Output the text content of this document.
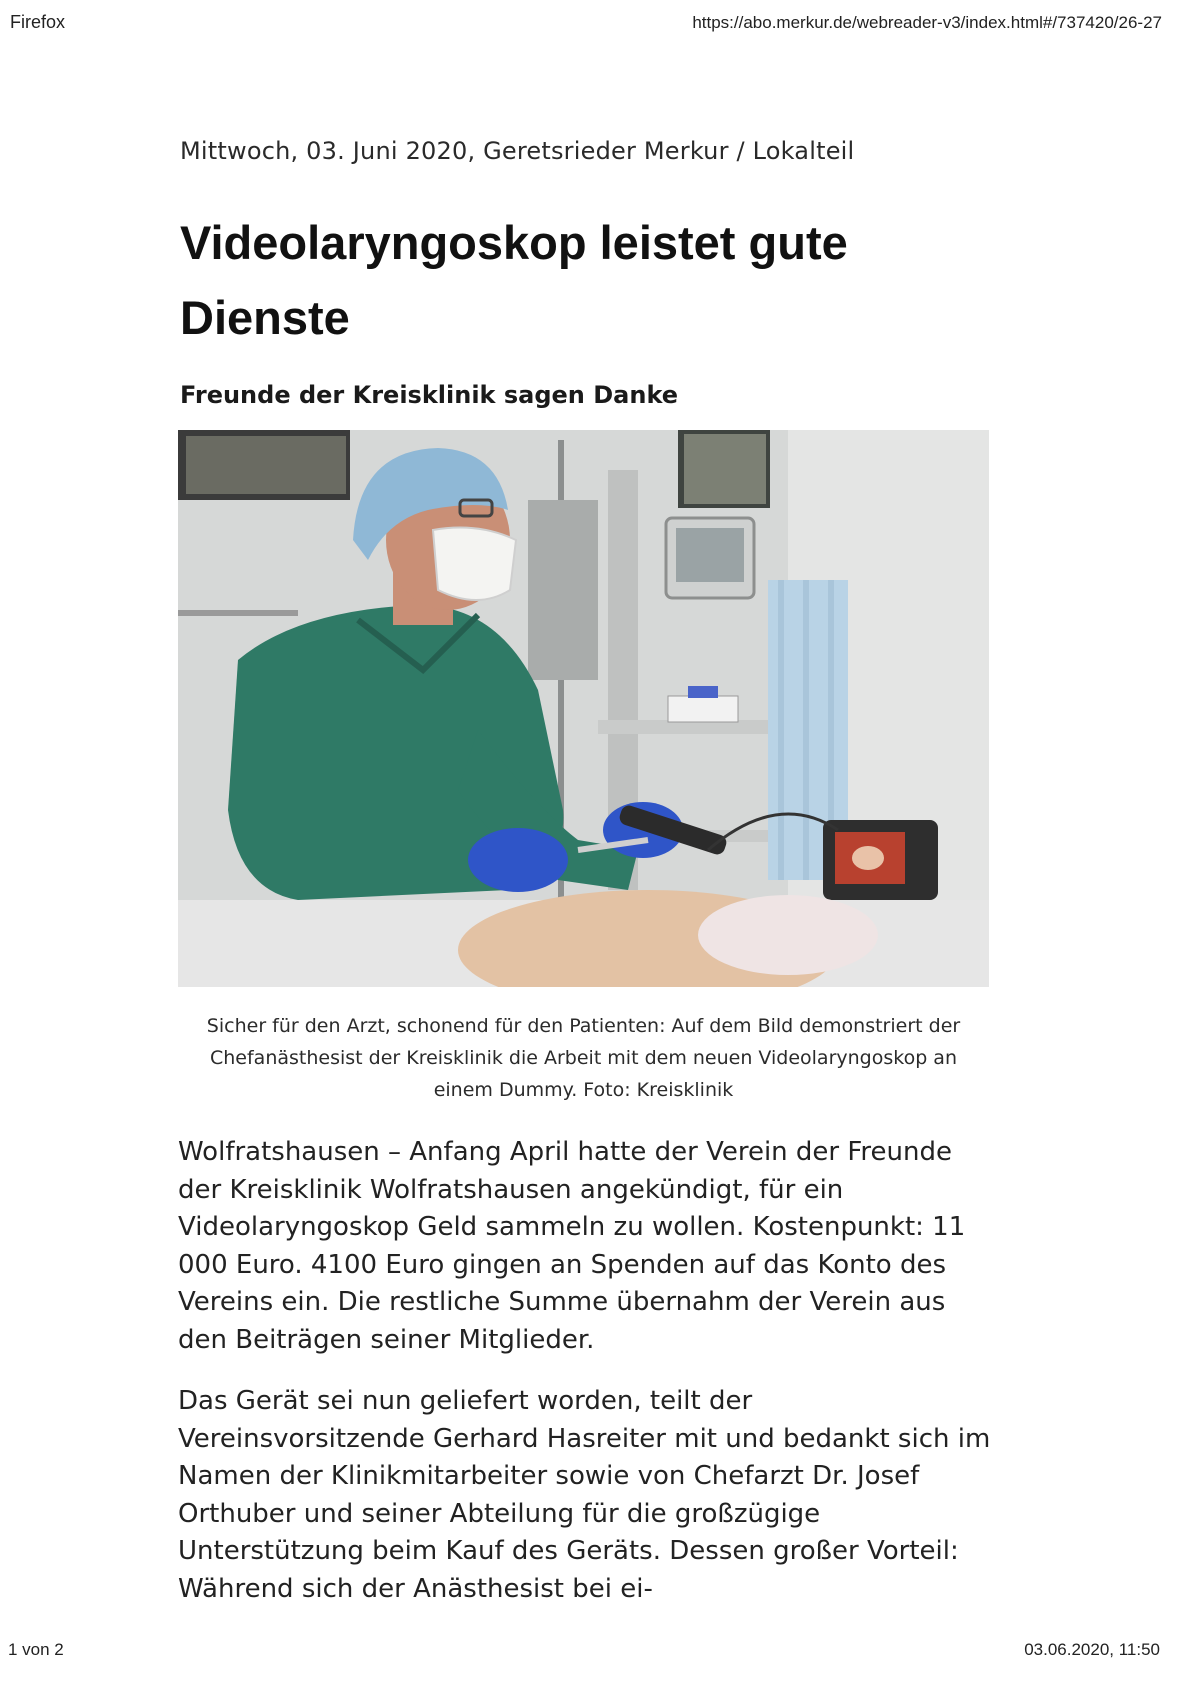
Firefox	https://abo.merkur.de/webreader-v3/index.html#/737420/26-27
Mittwoch, 03. Juni 2020, Geretsrieder Merkur / Lokalteil
Videolaryngoskop leistet gute Dienste
Freunde der Kreisklinik sagen Danke
Sicher für den Arzt, schonend für den Patienten: Auf dem Bild demonstriert der Chefanästhesist der Kreisklinik die Arbeit mit dem neuen Videolaryngoskop an einem Dummy. Foto: Kreisklinik

Wolfratshausen – Anfang April hatte der Verein der Freunde der Kreisklinik Wolfratshausen angekündigt, für ein Videolaryngoskop Geld sammeln zu wollen. Kostenpunkt: 11 000 Euro. 4100 Euro gingen an Spenden auf das Konto des Vereins ein. Die restliche Summe übernahm der Verein aus den Beiträgen seiner Mitglieder.

Das Gerät sei nun geliefert worden, teilt der Vereinsvorsitzende Gerhard Hasreiter mit und bedankt sich im Namen der Klinikmitarbeiter sowie von Chefarzt Dr. Josef Orthuber und seiner Abteilung für die großzügige Unterstützung beim Kauf des Geräts. Dessen großer Vorteil: Während sich der Anästhesist bei ei-

1 von 2	03.06.2020, 11:50
